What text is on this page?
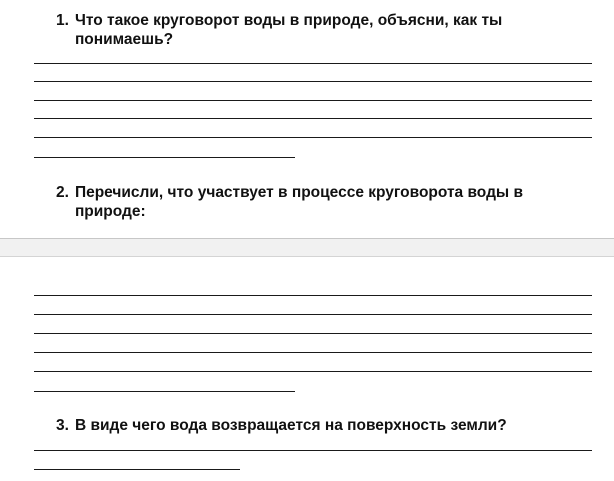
1. Что такое круговорот воды в природе, объясни, как ты понимаешь?
2. Перечисли, что участвует в процессе круговорота воды в природе:
3. В виде чего вода возвращается на поверхность земли?
